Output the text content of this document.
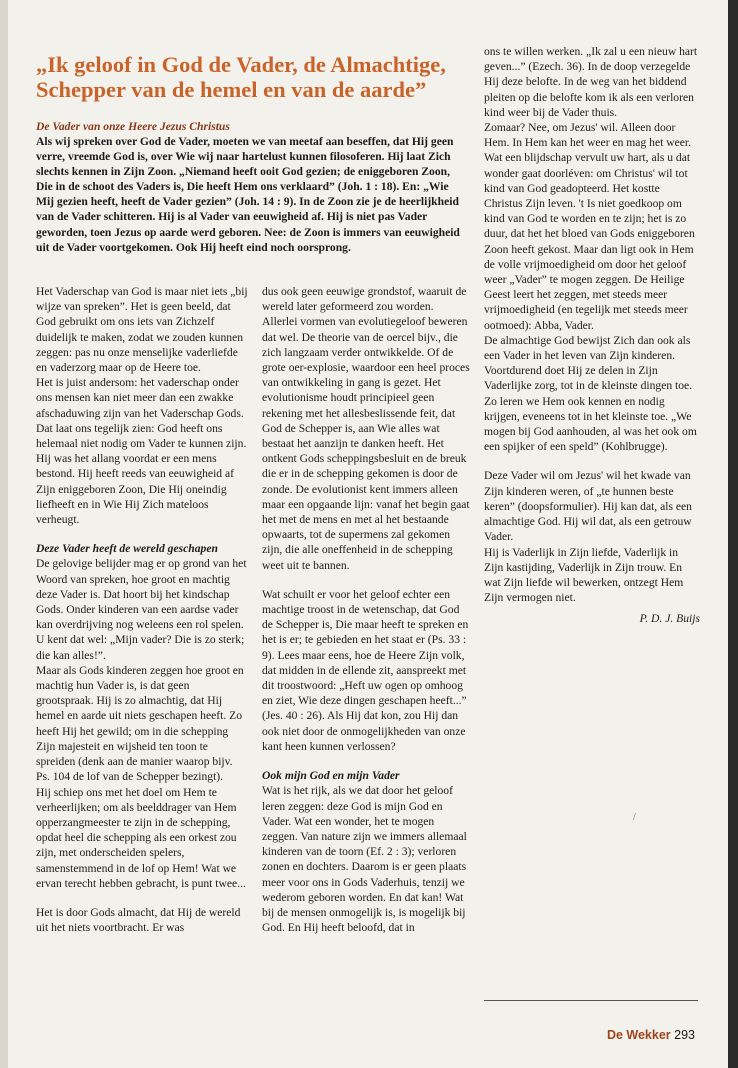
„Ik geloof in God de Vader, de Almachtige, Schepper van de hemel en van de aarde”
De Vader van onze Heere Jezus Christus

Als wij spreken over God de Vader, moeten we van meetaf aan beseffen, dat Hij geen verre, vreemde God is, over Wie wij naar hartelust kunnen filosoferen. Hij laat Zich slechts kennen in Zijn Zoon. „Niemand heeft ooit God gezien; de eniggeboren Zoon, Die in de schoot des Vaders is, Die heeft Hem ons verklaard” (Joh. 1 : 18). En: „Wie Mij gezien heeft, heeft de Vader gezien” (Joh. 14 : 9). In de Zoon zie je de heerlijkheid van de Vader schitteren. Hij is al Vader van eeuwigheid af. Hij is niet pas Vader geworden, toen Jezus op aarde werd geboren. Nee: de Zoon is immers van eeuwigheid uit de Vader voortgekomen. Ook Hij heeft eind noch oorsprong.

Het Vaderschap van God is maar niet iets „bij wijze van spreken”. Het is geen beeld, dat God gebruikt om ons iets van Zichzelf duidelijk te maken, zodat we zouden kunnen zeggen: pas nu onze menselijke vaderliefde en vaderzorg maar op de Heere toe.

Het is juist andersom: het vaderschap onder ons mensen kan niet meer dan een zwakke afschaduwing zijn van het Vaderschap Gods.

Dat laat ons tegelijk zien: God heeft ons helemaal niet nodig om Vader te kunnen zijn. Hij was het allang voordat er een mens bestond. Hij heeft reeds van eeuwigheid af Zijn eniggeboren Zoon, Die Hij oneindig liefheeft en in Wie Hij Zich mateloos verheugt.

Deze Vader heeft de wereld geschapen

De gelovige belijder mag er op grond van het Woord van spreken, hoe groot en machtig deze Vader is. Dat hoort bij het kindschap Gods. Onder kinderen van een aardse vader kan overdrijving nog weleens een rol spelen. U kent dat wel: „Mijn vader? Die is zo sterk; die kan alles!”.

Maar als Gods kinderen zeggen hoe groot en machtig hun Vader is, is dat geen grootspraak. Hij is zo almachtig, dat Hij hemel en aarde uit niets geschapen heeft. Zo heeft Hij het gewild; om in die schepping Zijn majesteit en wijsheid ten toon te spreiden (denk aan de manier waarop bijv. Ps. 104 de lof van de Schepper bezingt).

Hij schiep ons met het doel om Hem te verheerlijken; om als beelddrager van Hem opperzangmeester te zijn in de schepping, opdat heel die schepping als een orkest zou zijn, met onderscheiden spelers, samenstemmend in de lof op Hem! Wat we ervan terecht hebben gebracht, is punt twee...

Het is door Gods almacht, dat Hij de wereld uit het niets voortbracht. Er was

dus ook geen eeuwige grondstof, waaruit de wereld later geformeerd zou worden. Allerlei vormen van evolutiegeloof beweren dat wel. De theorie van de oercel bijv., die zich langzaam verder ontwikkelde. Of de grote oer-explosie, waardoor een heel proces van ontwikkeling in gang is gezet. Het evolutionisme houdt principieel geen rekening met het allesbeslissende feit, dat God de Schepper is, aan Wie alles wat bestaat het aanzijn te danken heeft. Het ontkent Gods scheppingsbesluit en de breuk die er in de schepping gekomen is door de zonde. De evolutionist kent immers alleen maar een opgaande lijn: vanaf het begin gaat het met de mens en met al het bestaande opwaarts, tot de supermens zal gekomen zijn, die alle oneffenheid in de schepping weet uit te bannen.

Wat schuilt er voor het geloof echter een machtige troost in de wetenschap, dat God de Schepper is, Die maar heeft te spreken en het is er; te gebieden en het staat er (Ps. 33 : 9). Lees maar eens, hoe de Heere Zijn volk, dat midden in de ellende zit, aanspreekt met dit troostwoord: „Heft uw ogen op omhoog en ziet, Wie deze dingen geschapen heeft...” (Jes. 40 : 26). Als Hij dat kon, zou Hij dan ook niet door de onmogelijkheden van onze kant heen kunnen verlossen?

Ook mijn God en mijn Vader

Wat is het rijk, als we dat door het geloof leren zeggen: deze God is mijn God en Vader. Wat een wonder, het te mogen zeggen. Van nature zijn we immers allemaal kinderen van de toorn (Ef. 2 : 3); verloren zonen en dochters. Daarom is er geen plaats meer voor ons in Gods Vaderhuis, tenzij we wederom geboren worden. En dat kan! Wat bij de mensen onmogelijk is, is mogelijk bij God. En Hij heeft beloofd, dat in

ons te willen werken. „Ik zal u een nieuw hart geven...” (Ezech. 36). In de doop verzegelde Hij deze belofte. In de weg van het biddend pleiten op die belofte kom ik als een verloren kind weer bij de Vader thuis.

Zomaar? Nee, om Jezus' wil. Alleen door Hem. In Hem kan het weer en mag het weer. Wat een blijdschap vervult uw hart, als u dat wonder gaat doorléven: om Christus' wil tot kind van God geadopteerd. Het kostte Christus Zijn leven. 't Is niet goedkoop om kind van God te worden en te zijn; het is zo duur, dat het het bloed van Gods eniggeboren Zoon heeft gekost. Maar dan ligt ook in Hem de volle vrijmoedigheid om door het geloof weer „Vader” te mogen zeggen. De Heilige Geest leert het zeggen, met steeds meer vrijmoedigheid (en tegelijk met steeds meer ootmoed): Abba, Vader.

De almachtige God bewijst Zich dan ook als een Vader in het leven van Zijn kinderen. Voortdurend doet Hij ze delen in Zijn Vaderlijke zorg, tot in de kleinste dingen toe. Zo leren we Hem ook kennen en nodig krijgen, eveneens tot in het kleinste toe. „We mogen bij God aanhouden, al was het ook om een spijker of een speld” (Kohlbrugge).

Deze Vader wil om Jezus' wil het kwade van Zijn kinderen weren, of „te hunnen beste keren” (doopsformulier). Hij kan dat, als een almachtige God. Hij wil dat, als een getrouw Vader.

Hij is Vaderlijk in Zijn liefde, Vaderlijk in Zijn kastijding, Vaderlijk in Zijn trouw. En wat Zijn liefde wil bewerken, ontzegt Hem Zijn vermogen niet.

P. D. J. Buijs

/
De Wekker 293
